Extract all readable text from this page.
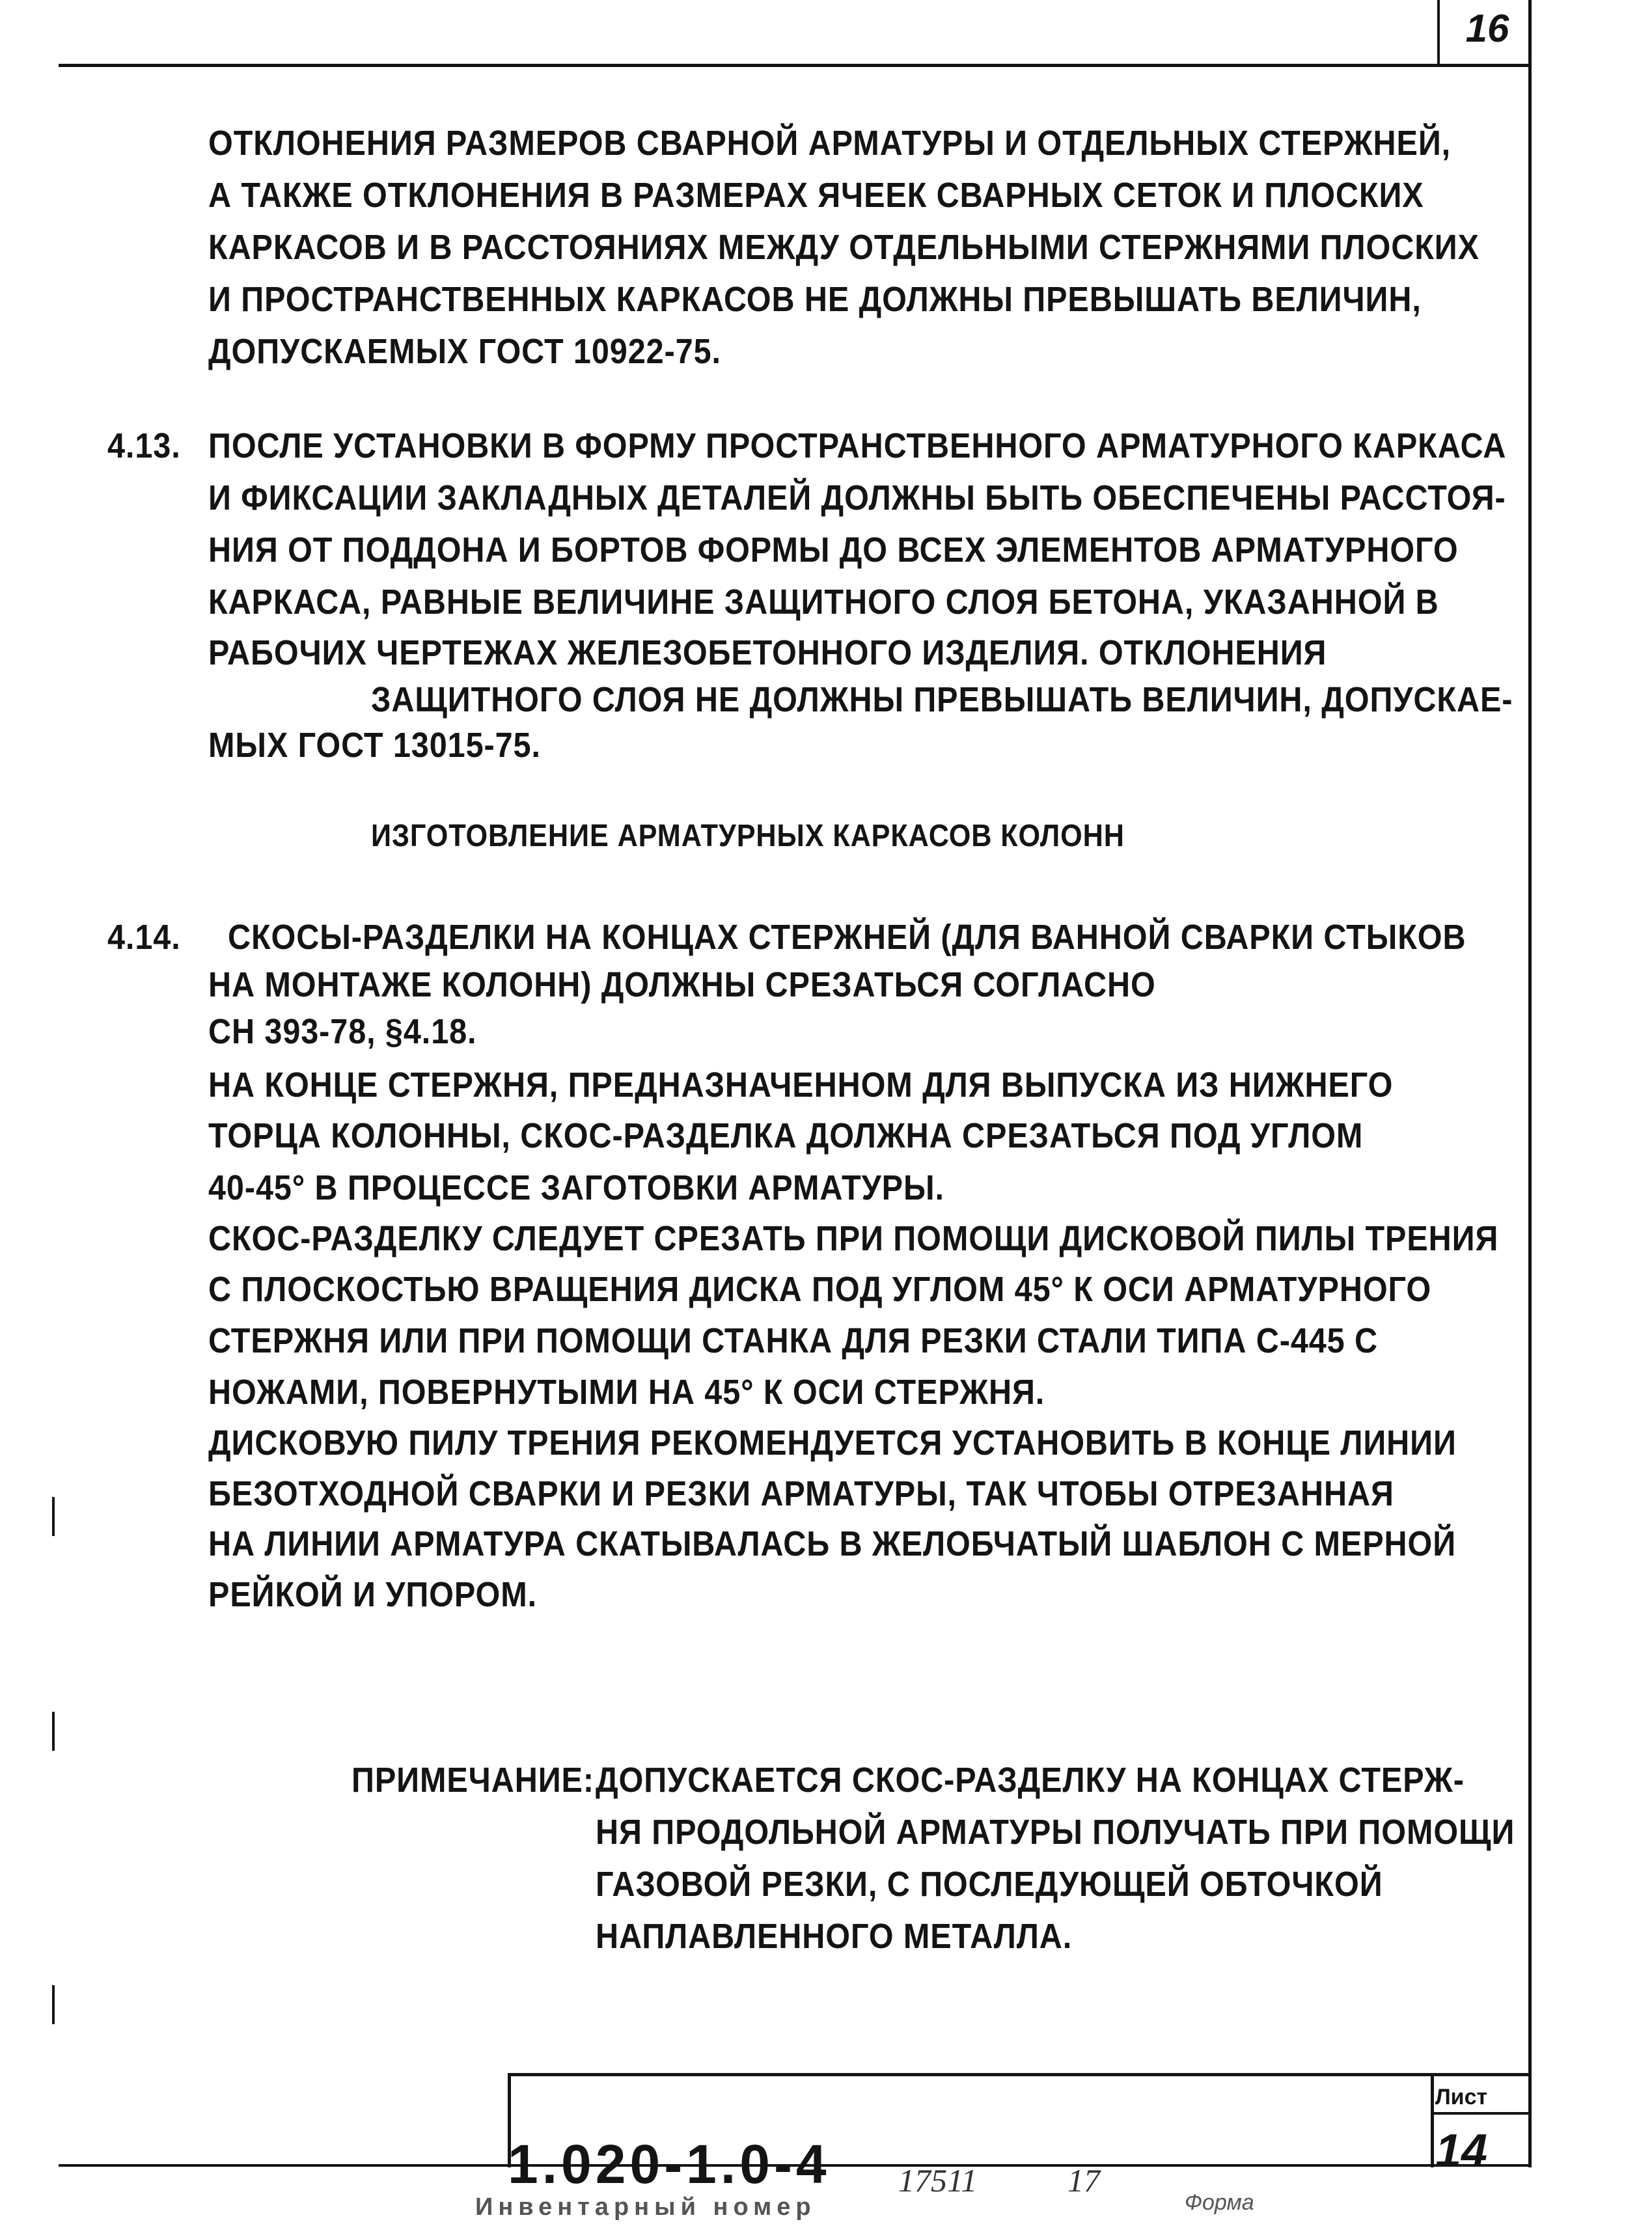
16
ОТКЛОНЕНИЯ РАЗМЕРОВ СВАРНОЙ АРМАТУРЫ И ОТДЕЛЬНЫХ СТЕРЖНЕЙ,
А ТАКЖЕ ОТКЛОНЕНИЯ В РАЗМЕРАХ ЯЧЕЕК СВАРНЫХ СЕТОК И ПЛОСКИХ
КАРКАСОВ И В РАССТОЯНИЯХ МЕЖДУ ОТДЕЛЬНЫМИ СТЕРЖНЯМИ ПЛОСКИХ
И ПРОСТРАНСТВЕННЫХ КАРКАСОВ НЕ ДОЛЖНЫ ПРЕВЫШАТЬ ВЕЛИЧИН,
ДОПУСКАЕМЫХ ГОСТ 10922-75.
4.13. ПОСЛЕ УСТАНОВКИ В ФОРМУ ПРОСТРАНСТВЕННОГО АРМАТУРНОГО КАРКАСА
И ФИКСАЦИИ ЗАКЛАДНЫХ ДЕТАЛЕЙ ДОЛЖНЫ БЫТЬ ОБЕСПЕЧЕНЫ РАССТОЯ-
НИЯ ОТ ПОДДОНА И БОРТОВ ФОРМЫ ДО ВСЕХ ЭЛЕМЕНТОВ АРМАТУРНОГО
КАРКАСА, РАВНЫЕ ВЕЛИЧИНЕ ЗАЩИТНОГО СЛОЯ БЕТОНА, УКАЗАННОЙ В
РАБОЧИХ ЧЕРТЕЖАХ ЖЕЛЕЗОБЕТОННОГО ИЗДЕЛИЯ. ОТКЛОНЕНИЯ
ЗАЩИТНОГО СЛОЯ НЕ ДОЛЖНЫ ПРЕВЫШАТЬ ВЕЛИЧИН, ДОПУСКАЕ-
МЫХ ГОСТ 13015-75.
ИЗГОТОВЛЕНИЕ АРМАТУРНЫХ КАРКАСОВ КОЛОНН
4.14. СКОСЫ-РАЗДЕЛКИ НА КОНЦАХ СТЕРЖНЕЙ (ДЛЯ ВАННОЙ СВАРКИ СТЫКОВ
НА МОНТАЖЕ КОЛОНН) ДОЛЖНЫ СРЕЗАТЬСЯ СОГЛАСНО
СН 393-78, §4.18.
НА КОНЦЕ СТЕРЖНЯ, ПРЕДНАЗНАЧЕННОМ ДЛЯ ВЫПУСКА ИЗ НИЖНЕГО
ТОРЦА КОЛОННЫ, СКОС-РАЗДЕЛКА ДОЛЖНА СРЕЗАТЬСЯ ПОД УГЛОМ
40-45° В ПРОЦЕССЕ ЗАГОТОВКИ АРМАТУРЫ.
СКОС-РАЗДЕЛКУ СЛЕДУЕТ СРЕЗАТЬ ПРИ ПОМОЩИ ДИСКОВОЙ ПИЛЫ ТРЕНИЯ
С ПЛОСКОСТЬЮ ВРАЩЕНИЯ ДИСКА ПОД УГЛОМ 45° К ОСИ АРМАТУРНОГО
СТЕРЖНЯ ИЛИ ПРИ ПОМОЩИ СТАНКА ДЛЯ РЕЗКИ СТАЛИ ТИПА С-445 С
НОЖАМИ, ПОВЕРНУТЫМИ НА 45° К ОСИ СТЕРЖНЯ.
ДИСКОВУЮ ПИЛУ ТРЕНИЯ РЕКОМЕНДУЕТСЯ УСТАНОВИТЬ В КОНЦЕ ЛИНИИ
БЕЗОТХОДНОЙ СВАРКИ И РЕЗКИ АРМАТУРЫ, ТАК ЧТОБЫ ОТРЕЗАННАЯ
НА ЛИНИИ АРМАТУРА СКАТЫВАЛАСЬ В ЖЕЛОБЧАТЫЙ ШАБЛОН С МЕРНОЙ
РЕЙКОЙ И УПОРОМ.
ПРИМЕЧАНИЕ: ДОПУСКАЕТСЯ СКОС-РАЗДЕЛКУ НА КОНЦАХ СТЕРЖ-
НЯ ПРОДОЛЬНОЙ АРМАТУРЫ ПОЛУЧАТЬ ПРИ ПОМОЩИ
ГАЗОВОЙ РЕЗКИ, С ПОСЛЕДУЮЩЕЙ ОБТОЧКОЙ
НАПЛАВЛЕННОГО МЕТАЛЛА.
1.020-1.0-4
Лист
14
17511	17
Инвентарный номер	Форма
